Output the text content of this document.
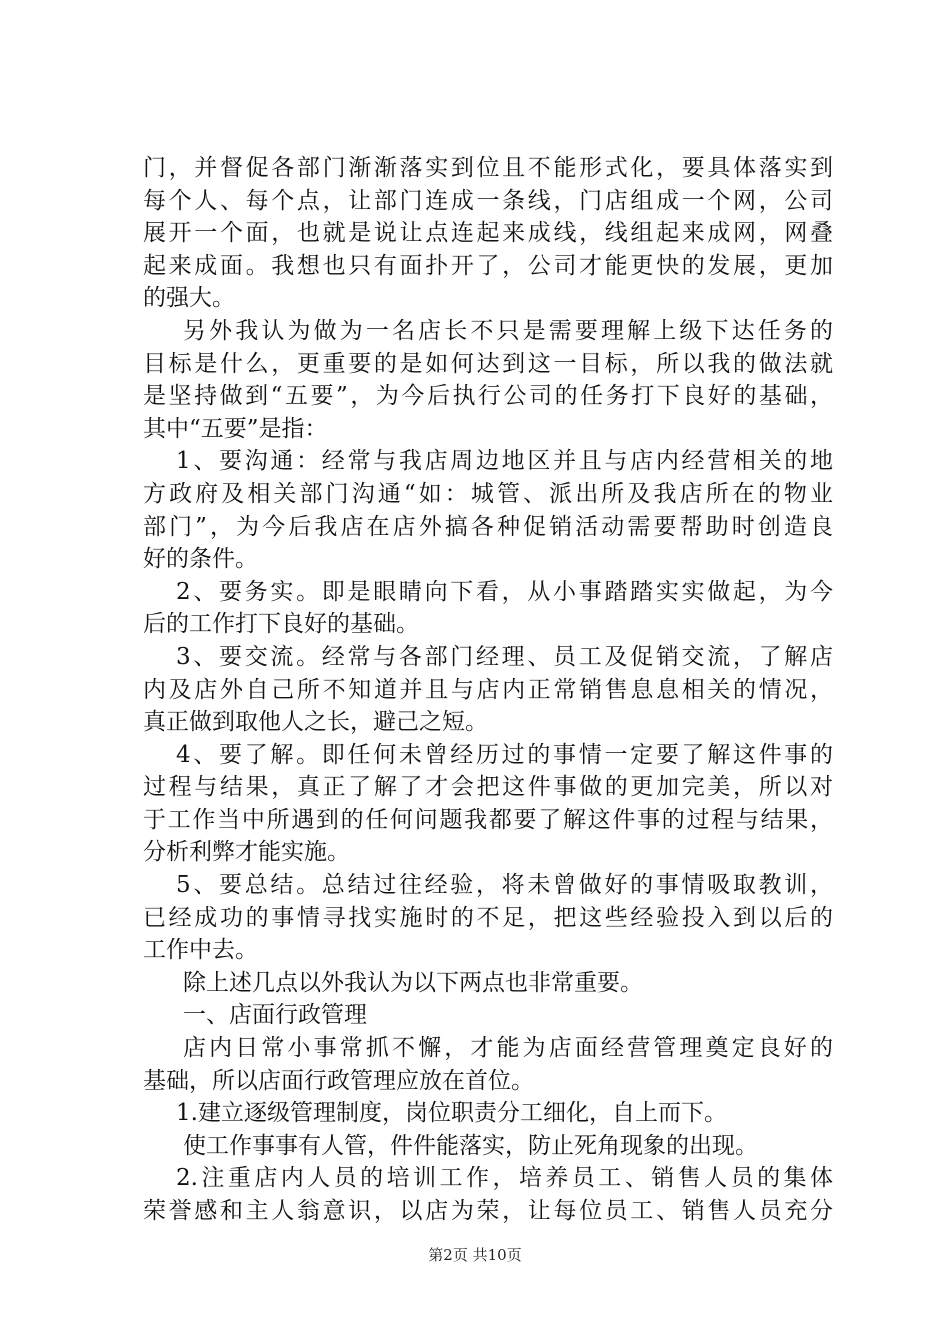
门，并督促各部门渐渐落实到位且不能形式化，要具体落实到
每个人、每个点，让部门连成一条线，门店组成一个网，公司
展开一个面，也就是说让点连起来成线，线组起来成网，网叠
起来成面。我想也只有面扑开了，公司才能更快的发展，更加
的强大。
另外我认为做为一名店长不只是需要理解上级下达任务的
目标是什么，更重要的是如何达到这一目标，所以我的做法就
是坚持做到“五要”，为今后执行公司的任务打下良好的基础，
其中“五要”是指：
1、要沟通：经常与我店周边地区并且与店内经营相关的地
方政府及相关部门沟通“如：城管、派出所及我店所在的物业
部门”，为今后我店在店外搞各种促销活动需要帮助时创造良
好的条件。
2、要务实。即是眼睛向下看，从小事踏踏实实做起，为今
后的工作打下良好的基础。
3、要交流。经常与各部门经理、员工及促销交流，了解店
内及店外自己所不知道并且与店内正常销售息息相关的情况，
真正做到取他人之长，避己之短。
4、要了解。即任何未曾经历过的事情一定要了解这件事的
过程与结果，真正了解了才会把这件事做的更加完美，所以对
于工作当中所遇到的任何问题我都要了解这件事的过程与结果，
分析利弊才能实施。
5、要总结。总结过往经验，将未曾做好的事情吸取教训，
已经成功的事情寻找实施时的不足，把这些经验投入到以后的
工作中去。
除上述几点以外我认为以下两点也非常重要。
一、店面行政管理
店内日常小事常抓不懈，才能为店面经营管理奠定良好的
基础，所以店面行政管理应放在首位。
1.建立逐级管理制度，岗位职责分工细化，自上而下。
使工作事事有人管，件件能落实，防止死角现象的出现。
2.注重店内人员的培训工作，培养员工、销售人员的集体
荣誉感和主人翁意识，以店为荣，让每位员工、销售人员充分
第2页 共10页
